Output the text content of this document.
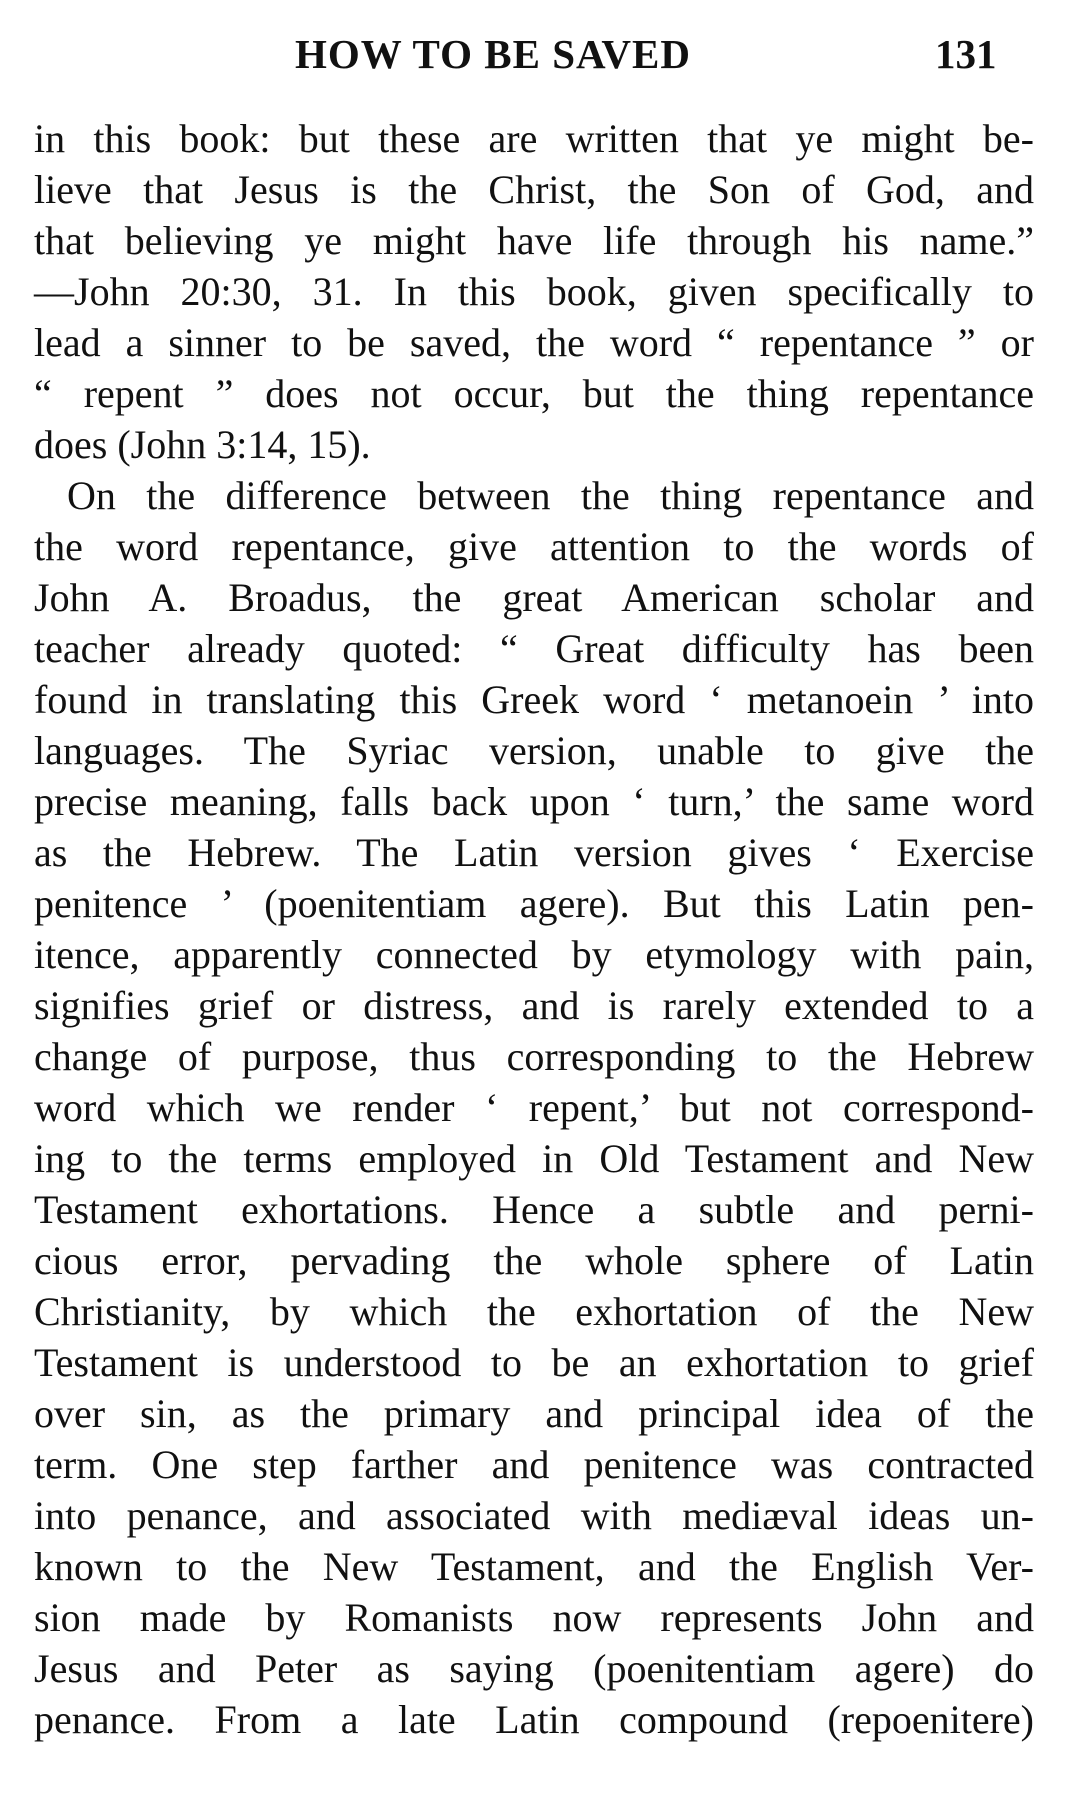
HOW TO BE SAVED	131
in this book: but these are written that ye might be-
lieve that Jesus is the Christ, the Son of God, and
that believing ye might have life through his name.”
—John 20:30, 31. In this book, given specifically to
lead a sinner to be saved, the word “ repentance ” or
“ repent ” does not occur, but the thing repentance
does (John 3:14, 15).
On the difference between the thing repentance and
the word repentance, give attention to the words of
John A. Broadus, the great American scholar and
teacher already quoted: “ Great difficulty has been
found in translating this Greek word ‘ metanoein ’ into
languages. The Syriac version, unable to give the
precise meaning, falls back upon ‘ turn,’ the same word
as the Hebrew. The Latin version gives ‘ Exercise
penitence ’ (poenitentiam agere). But this Latin pen-
itence, apparently connected by etymology with pain,
signifies grief or distress, and is rarely extended to a
change of purpose, thus corresponding to the Hebrew
word which we render ‘ repent,’ but not correspond-
ing to the terms employed in Old Testament and New
Testament exhortations. Hence a subtle and perni-
cious error, pervading the whole sphere of Latin
Christianity, by which the exhortation of the New
Testament is understood to be an exhortation to grief
over sin, as the primary and principal idea of the
term. One step farther and penitence was contracted
into penance, and associated with mediæval ideas un-
known to the New Testament, and the English Ver-
sion made by Romanists now represents John and
Jesus and Peter as saying (poenitentiam agere) do
penance. From a late Latin compound (repoenitere)
